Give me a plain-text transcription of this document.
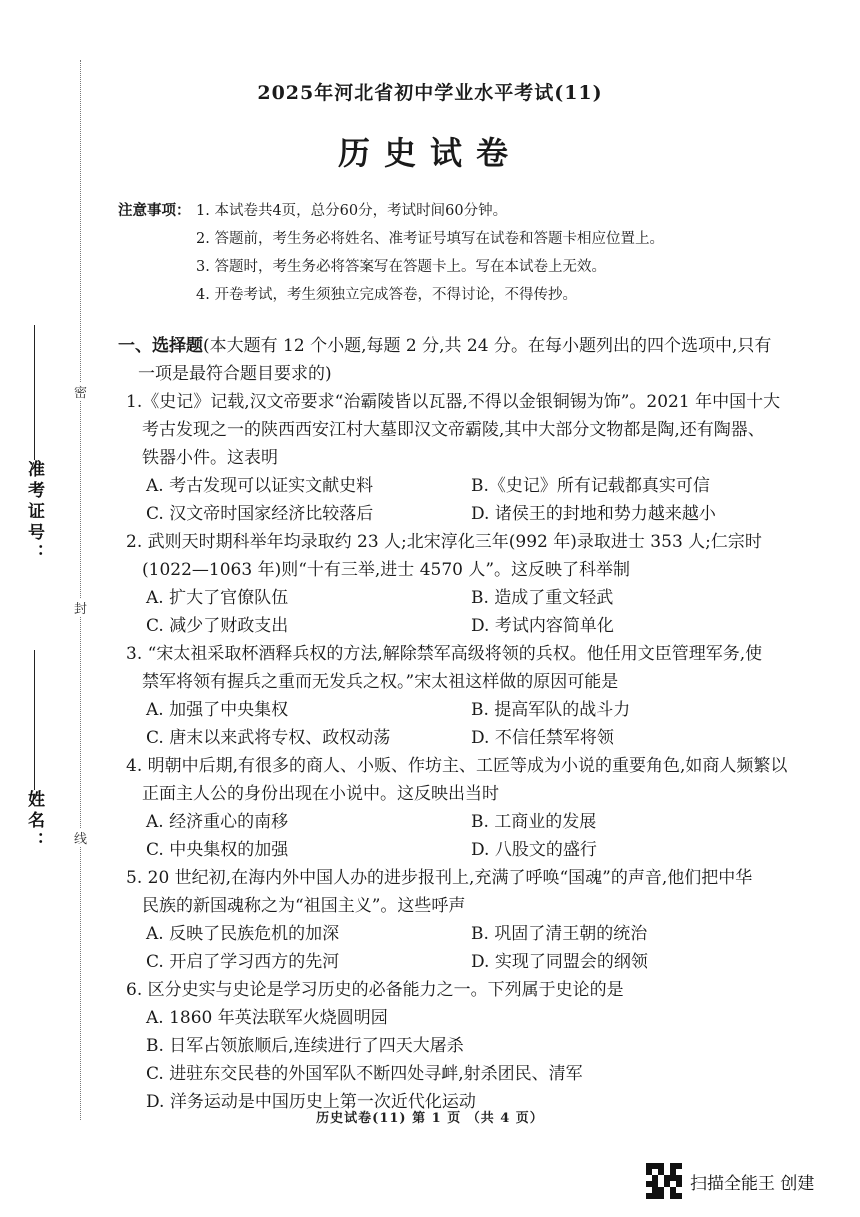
密
封
线
准考证号：
姓名：
2025年河北省初中学业水平考试(11)
历史试卷
注意事项： 1. 本试卷共4页，总分60分，考试时间60分钟。
2. 答题前，考生务必将姓名、准考证号填写在试卷和答题卡相应位置上。
3. 答题时，考生务必将答案写在答题卡上。写在本试卷上无效。
4. 开卷考试，考生须独立完成答卷，不得讨论，不得传抄。
一、选择题(本大题有 12 个小题,每题 2 分,共 24 分。在每小题列出的四个选项中,只有
一项是最符合题目要求的)
1.《史记》记载,汉文帝要求“治霸陵皆以瓦器,不得以金银铜锡为饰”。2021 年中国十大
考古发现之一的陕西西安江村大墓即汉文帝霸陵,其中大部分文物都是陶,还有陶器、
铁器小件。这表明
A. 考古发现可以证实文献史料	B.《史记》所有记载都真实可信
C. 汉文帝时国家经济比较落后	D. 诸侯王的封地和势力越来越小
2. 武则天时期科举年均录取约 23 人;北宋淳化三年(992 年)录取进士 353 人;仁宗时
(1022—1063 年)则“十有三举,进士 4570 人”。这反映了科举制
A. 扩大了官僚队伍	B. 造成了重文轻武
C. 减少了财政支出	D. 考试内容简单化
3. “宋太祖采取杯酒释兵权的方法,解除禁军高级将领的兵权。他任用文臣管理军务,使
禁军将领有握兵之重而无发兵之权。”宋太祖这样做的原因可能是
A. 加强了中央集权	B. 提高军队的战斗力
C. 唐末以来武将专权、政权动荡	D. 不信任禁军将领
4. 明朝中后期,有很多的商人、小贩、作坊主、工匠等成为小说的重要角色,如商人频繁以
正面主人公的身份出现在小说中。这反映出当时
A. 经济重心的南移	B. 工商业的发展
C. 中央集权的加强	D. 八股文的盛行
5. 20 世纪初,在海内外中国人办的进步报刊上,充满了呼唤“国魂”的声音,他们把中华
民族的新国魂称之为“祖国主义”。这些呼声
A. 反映了民族危机的加深	B. 巩固了清王朝的统治
C. 开启了学习西方的先河	D. 实现了同盟会的纲领
6. 区分史实与史论是学习历史的必备能力之一。下列属于史论的是
A. 1860 年英法联军火烧圆明园
B. 日军占领旅顺后,连续进行了四天大屠杀
C. 进驻东交民巷的外国军队不断四处寻衅,射杀团民、清军
D. 洋务运动是中国历史上第一次近代化运动
历史试卷(11) 第 1 页 （共 4 页）
扫描全能王 创建
